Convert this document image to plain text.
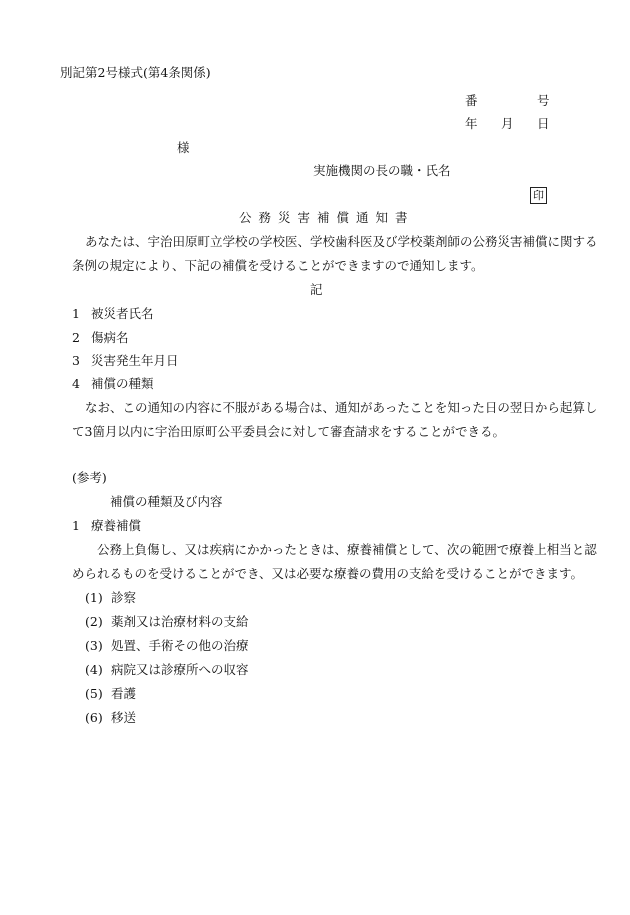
別記第2号様式(第4条関係)
番	号
年 月 日
様
実施機関の長の職・氏名
印
公務災害補償通知書
あなたは、宇治田原町立学校の学校医、学校歯科医及び学校薬剤師の公務災害補償に関する
条例の規定により、下記の補償を受けることができますので通知します。
記
1 被災者氏名
2 傷病名
3 災害発生年月日
4 補償の種類
なお、この通知の内容に不服がある場合は、通知があったことを知った日の翌日から起算し
て3箇月以内に宇治田原町公平委員会に対して審査請求をすることができる。
(参考)
補償の種類及び内容
1 療養補償
公務上負傷し、又は疾病にかかったときは、療養補償として、次の範囲で療養上相当と認
められるものを受けることができ、又は必要な療養の費用の支給を受けることができます。
(1) 診察
(2) 薬剤又は治療材料の支給
(3) 処置、手術その他の治療
(4) 病院又は診療所への収容
(5) 看護
(6) 移送
